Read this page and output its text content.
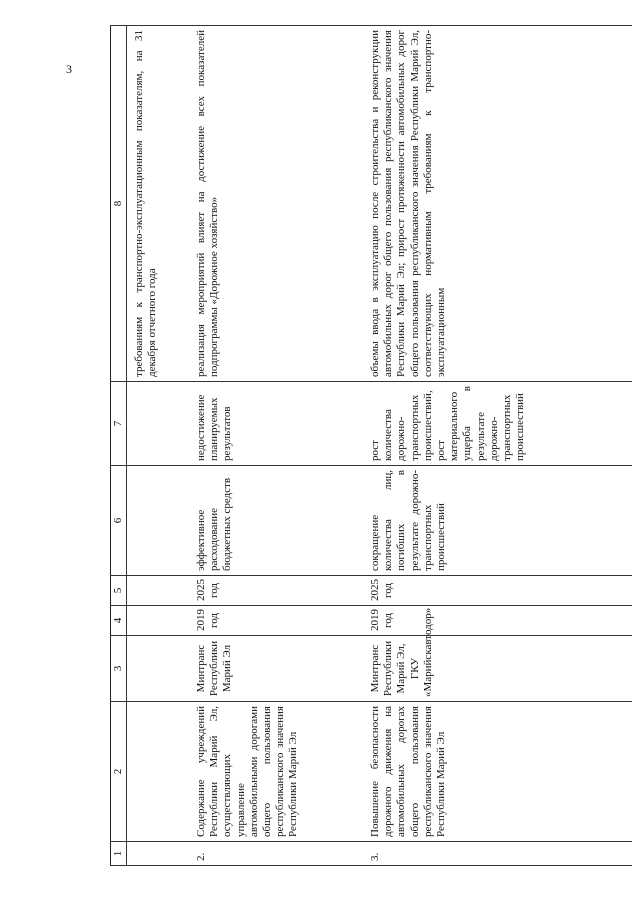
3
1	2	3	4	5	6	7	8
							требованиям к транспортно-эксплуатационным показателям, на 31 декабря отчетного года
2.	Содержание учреждений Республики Марий Эл, осуществляющих управление автомобильными дорогами общего пользования республиканского значения Республики Марий Эл	Минтранс Республики Марий Эл	2019 год	2025 год	эффективное расходование бюджетных средств	недостижение планируемых результатов	реализация мероприятий влияет на достижение всех показателей подпрограммы «Дорожное хозяйство»
3.	Повышение безопасности дорожного движения на автомобильных дорогах общего пользования республиканского значения Республики Марий Эл	Минтранс Республики Марий Эл, ГКУ «Марийскавтодор»	2019 год	2025 год	сокращение количества лиц, погибших в результате дорожно-транспортных происшествий	рост количества дорожно-транспортных происшествий, рост материального ущерба в результате дорожно-транспортных происшествий	объемы ввода в эксплуатацию после строительства и реконструкции автомобильных дорог общего пользования республиканского значения Республики Марий Эл; прирост протяженности автомобильных дорог общего пользования республиканского значения Республики Марий Эл, соответствующих нормативным требованиям к транспортно-эксплуатационным
